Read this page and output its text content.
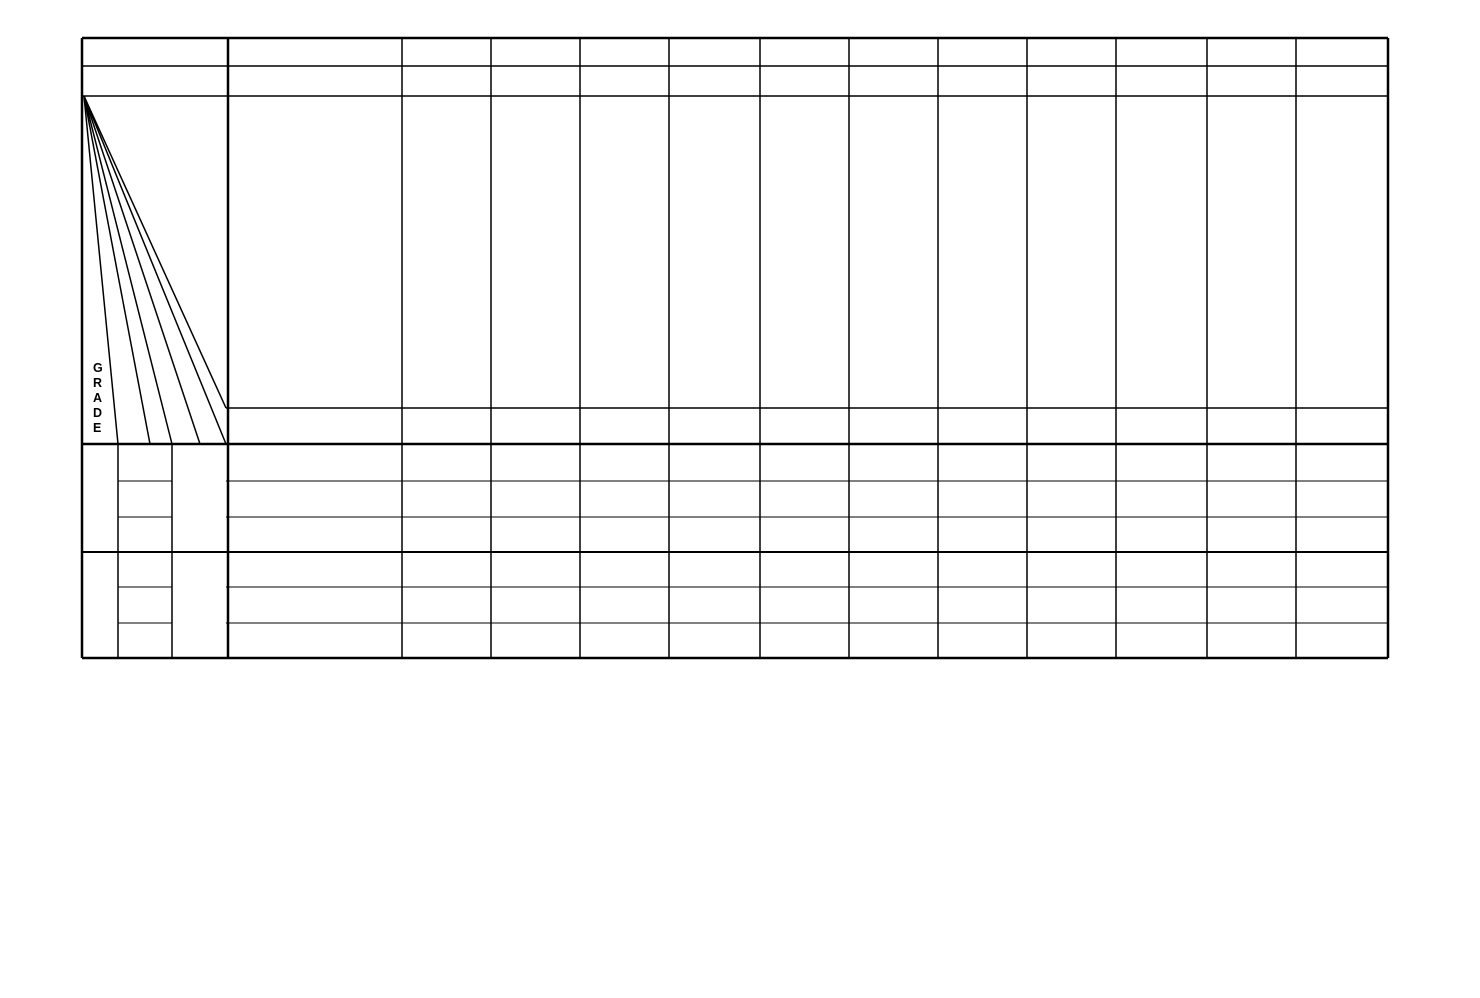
G
R
A
D
E
